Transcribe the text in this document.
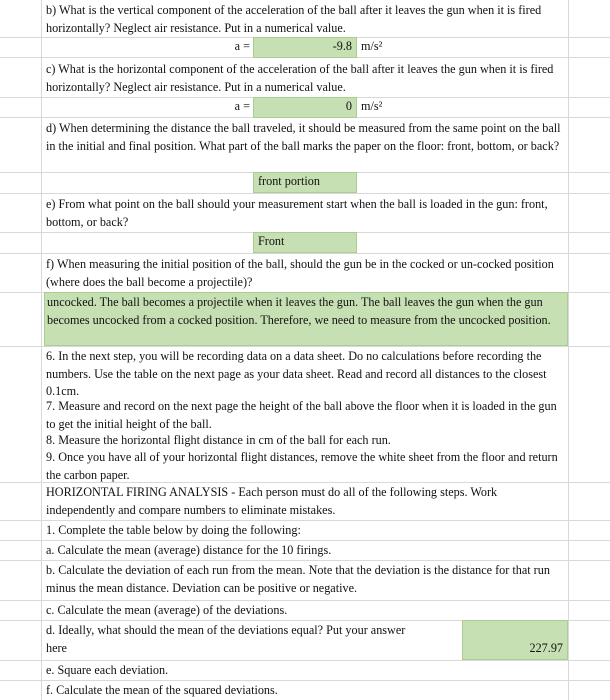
b) What is the vertical component of the acceleration of the ball after it leaves the gun when it is fired horizontally? Neglect air resistance. Put in a numerical value.
a =	-9.8 m/s²
c) What is the horizontal component of the acceleration of the ball after it leaves the gun when it is fired horizontally? Neglect air resistance. Put in a numerical value.
a =	0 m/s²
d) When determining the distance the ball traveled, it should be measured from the same point on the ball in the initial and final position. What part of the ball marks the paper on the floor: front, bottom, or back?
front portion
e) From what point on the ball should your measurement start when the ball is loaded in the gun: front, bottom, or back?
Front
f) When measuring the initial position of the ball, should the gun be in the cocked or un-cocked position (where does the ball become a projectile)?
uncocked. The ball becomes a projectile when it leaves the gun. The ball leaves the gun when the gun becomes uncocked from a cocked position. Therefore, we need to measure from the uncocked position.
6. In the next step, you will be recording data on a data sheet. Do no calculations before recording the numbers. Use the table on the next page as your data sheet. Read and record all distances to the closest 0.1cm.
7. Measure and record on the next page the height of the ball above the floor when it is loaded in the gun to get the initial height of the ball.
8. Measure the horizontal flight distance in cm of the ball for each run.
9. Once you have all of your horizontal flight distances, remove the white sheet from the floor and return the carbon paper.
HORIZONTAL FIRING ANALYSIS - Each person must do all of the following steps. Work independently and compare numbers to eliminate mistakes.
1. Complete the table below by doing the following:
a. Calculate the mean (average) distance for the 10 firings.
b. Calculate the deviation of each run from the mean. Note that the deviation is the distance for that run minus the mean distance. Deviation can be positive or negative.
c. Calculate the mean (average) of the deviations.
d. Ideally, what should the mean of the deviations equal? Put your answer
here	227.97
e. Square each deviation.
f. Calculate the mean of the squared deviations.
